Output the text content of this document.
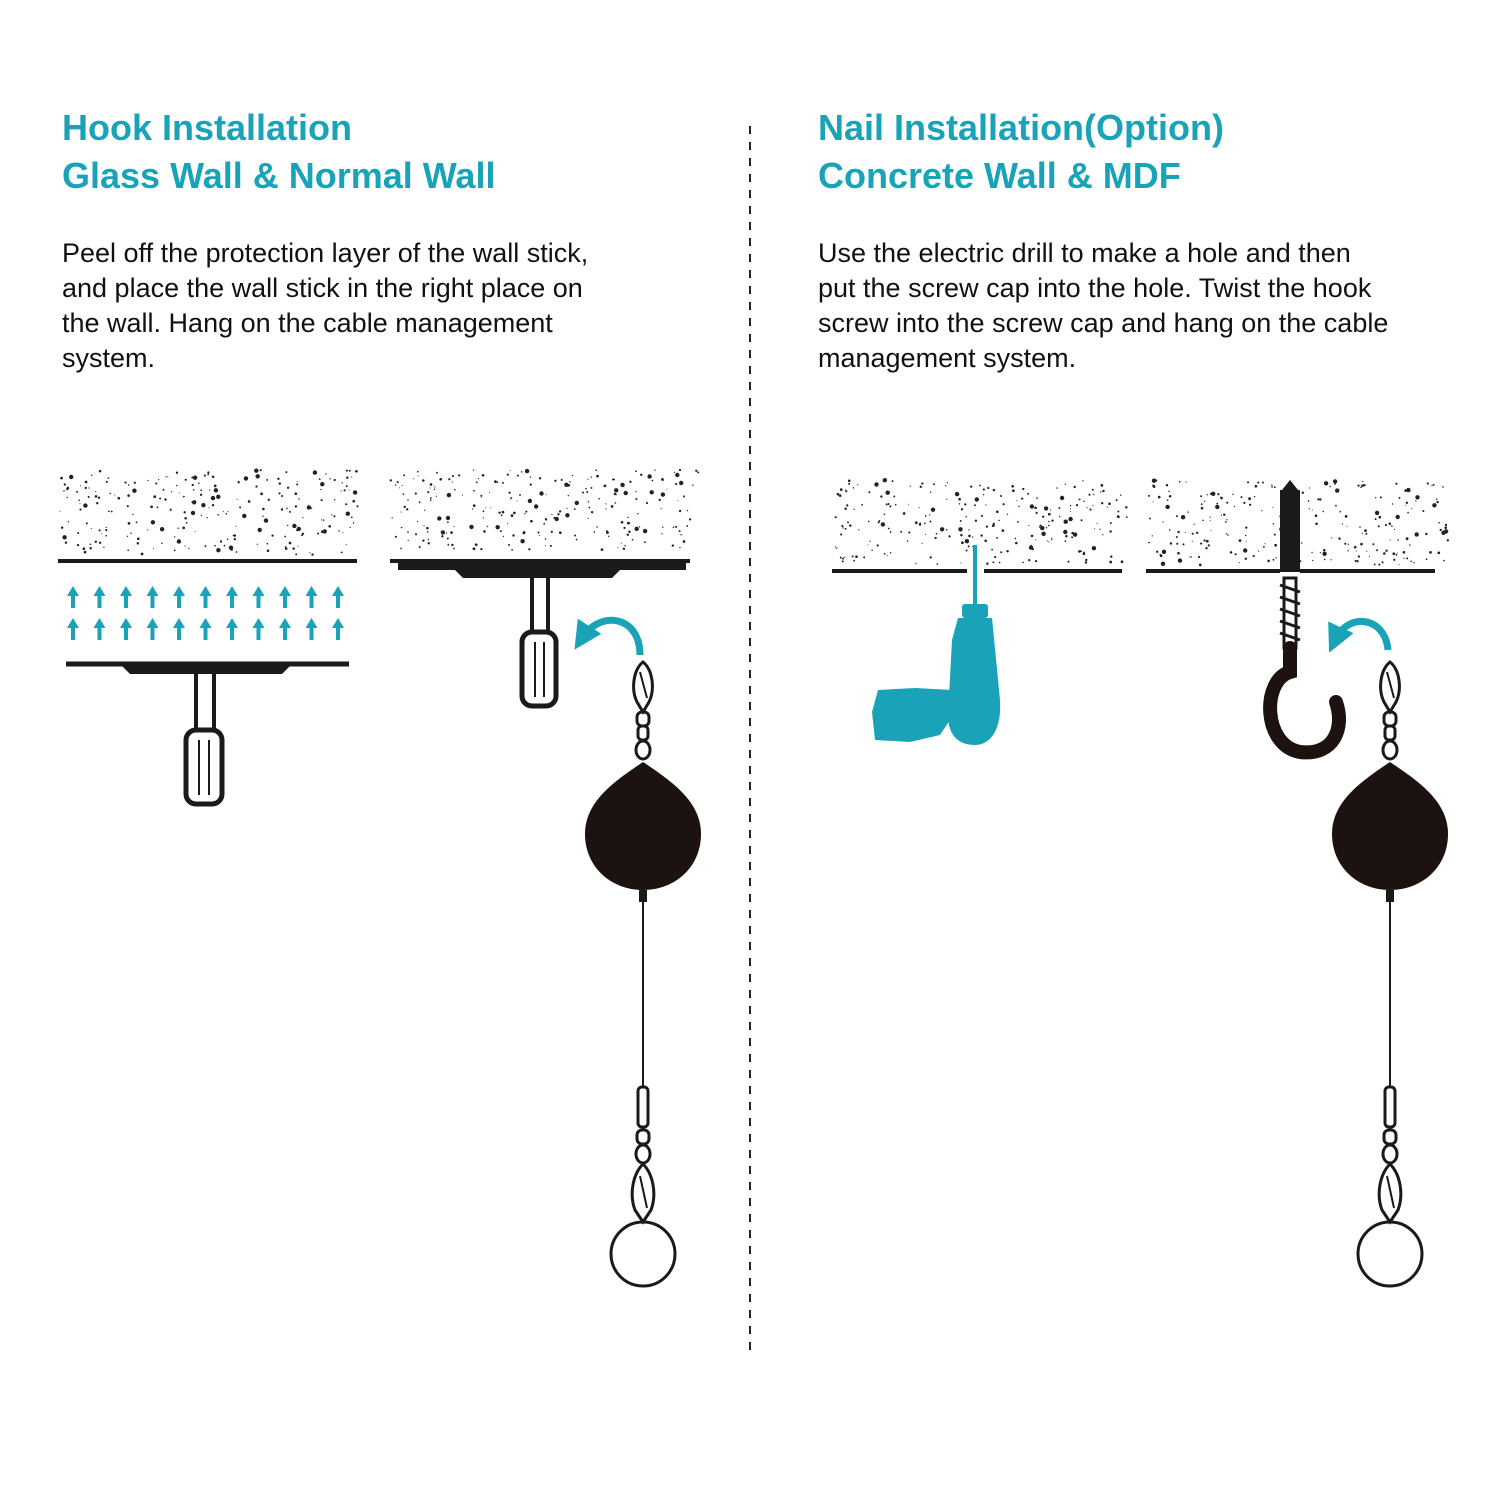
Hook Installation
Glass Wall & Normal Wall
Peel off the protection layer of the wall stick,
and place the wall stick in the right place on
the wall. Hang on the cable management
system.
Nail Installation(Option)
Concrete Wall & MDF
Use the electric drill to make a hole and then
put the screw cap into the hole. Twist the hook
screw into the screw cap and hang on the cable
management system.
